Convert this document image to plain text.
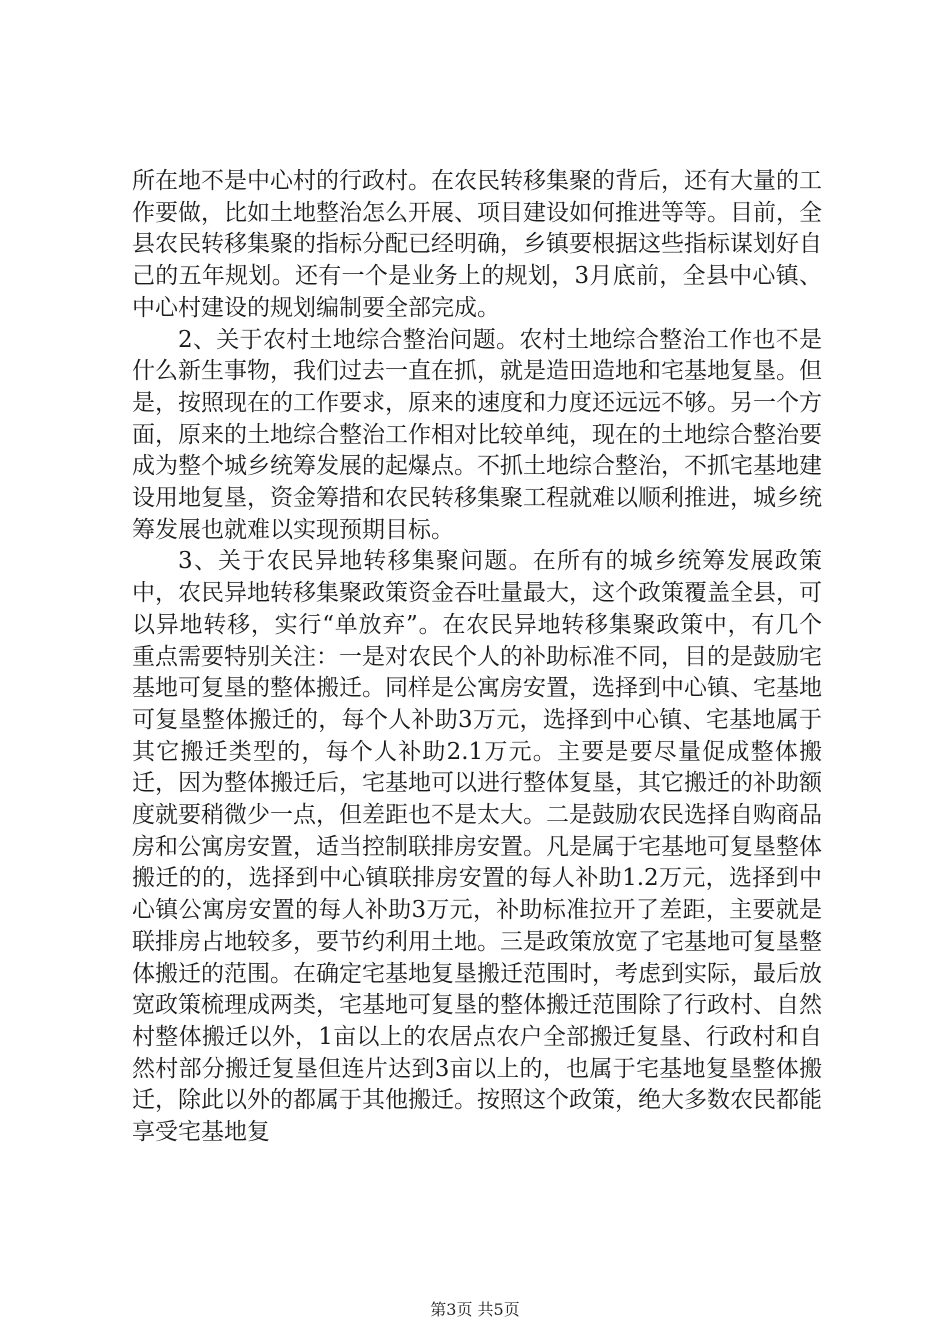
所在地不是中心村的行政村。在农民转移集聚的背后，还有大量的工作要做，比如土地整治怎么开展、项目建设如何推进等等。目前，全县农民转移集聚的指标分配已经明确，乡镇要根据这些指标谋划好自己的五年规划。还有一个是业务上的规划，3月底前，全县中心镇、中心村建设的规划编制要全部完成。

2、关于农村土地综合整治问题。农村土地综合整治工作也不是什么新生事物，我们过去一直在抓，就是造田造地和宅基地复垦。但是，按照现在的工作要求，原来的速度和力度还远远不够。另一个方面，原来的土地综合整治工作相对比较单纯，现在的土地综合整治要成为整个城乡统筹发展的起爆点。不抓土地综合整治，不抓宅基地建设用地复垦，资金筹措和农民转移集聚工程就难以顺利推进，城乡统筹发展也就难以实现预期目标。

3、关于农民异地转移集聚问题。在所有的城乡统筹发展政策中，农民异地转移集聚政策资金吞吐量最大，这个政策覆盖全县，可以异地转移，实行“单放弃”。在农民异地转移集聚政策中，有几个重点需要特别关注：一是对农民个人的补助标准不同，目的是鼓励宅基地可复垦的整体搬迁。同样是公寓房安置，选择到中心镇、宅基地可复垦整体搬迁的，每个人补助3万元，选择到中心镇、宅基地属于其它搬迁类型的，每个人补助2.1万元。主要是要尽量促成整体搬迁，因为整体搬迁后，宅基地可以进行整体复垦，其它搬迁的补助额度就要稍微少一点，但差距也不是太大。二是鼓励农民选择自购商品房和公寓房安置，适当控制联排房安置。凡是属于宅基地可复垦整体搬迁的的，选择到中心镇联排房安置的每人补助1.2万元，选择到中心镇公寓房安置的每人补助3万元，补助标准拉开了差距，主要就是联排房占地较多，要节约利用土地。三是政策放宽了宅基地可复垦整体搬迁的范围。在确定宅基地复垦搬迁范围时，考虑到实际，最后放宽政策梳理成两类，宅基地可复垦的整体搬迁范围除了行政村、自然村整体搬迁以外，1亩以上的农居点农户全部搬迁复垦、行政村和自然村部分搬迁复垦但连片达到3亩以上的，也属于宅基地复垦整体搬迁，除此以外的都属于其他搬迁。按照这个政策，绝大多数农民都能享受宅基地复

第3页 共5页
